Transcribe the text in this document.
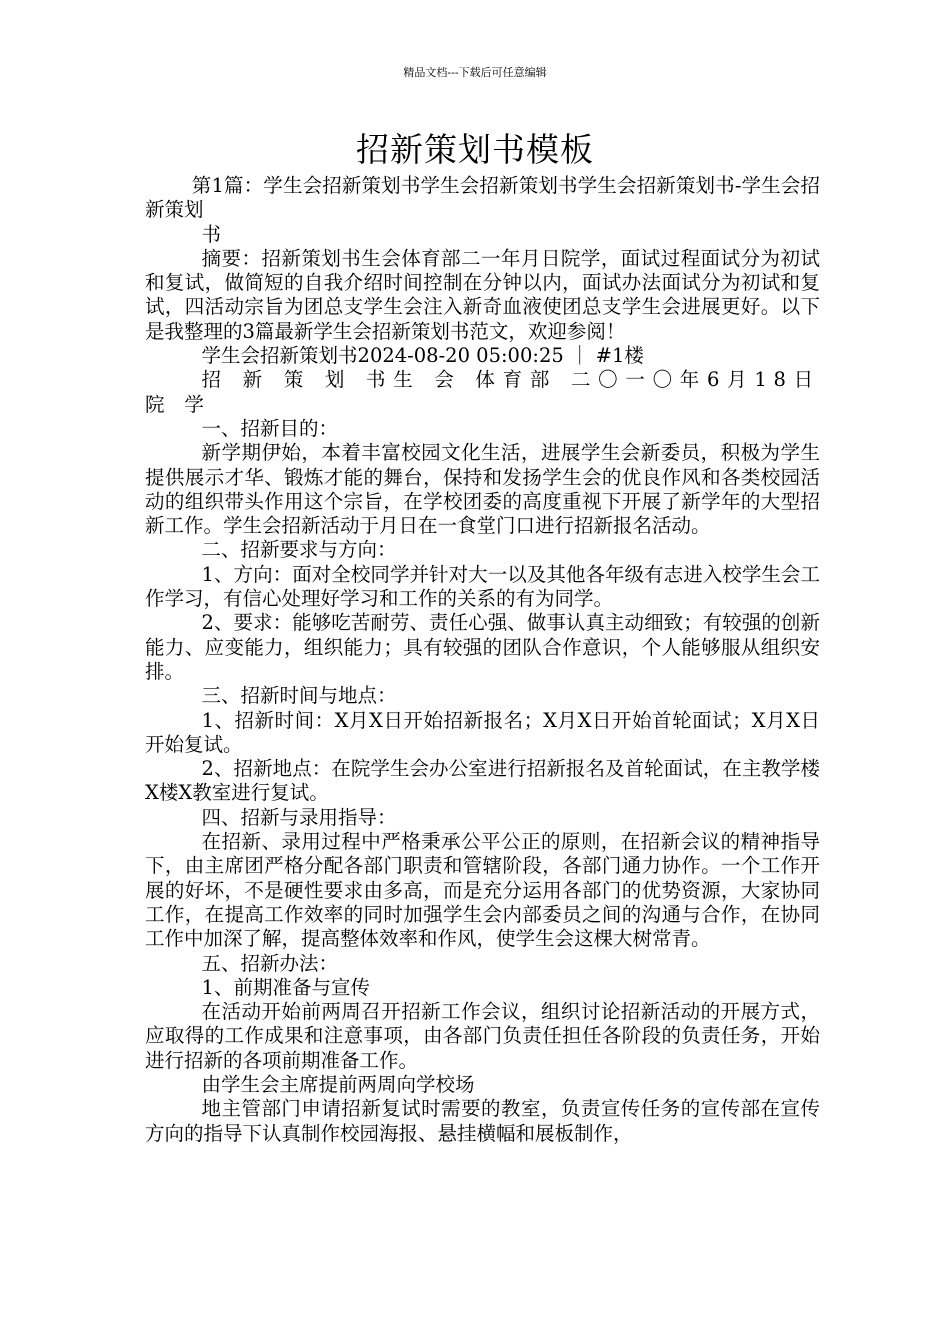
精品文档---下载后可任意编辑
招新策划书模板

第1篇：学生会招新策划书学生会招新策划书学生会招新策划书-学生会招新策划

书

摘要：招新策划书生会体育部二一年月日院学，面试过程面试分为初试和复试，做简短的自我介绍时间控制在分钟以内，面试办法面试分为初试和复试，四活动宗旨为团总支学生会注入新奇血液使团总支学生会进展更好。以下是我整理的3篇最新学生会招新策划书范文，欢迎参阅！

学生会招新策划书2024-08-20 05:00:25 ｜ #1楼

招 新 策 划 书生 会 体育部 二〇一〇年6月18日院 学

一、招新目的：

新学期伊始，本着丰富校园文化生活，进展学生会新委员，积极为学生提供展示才华、锻炼才能的舞台，保持和发扬学生会的优良作风和各类校园活动的组织带头作用这个宗旨，在学校团委的高度重视下开展了新学年的大型招新工作。学生会招新活动于月日在一食堂门口进行招新报名活动。

二、招新要求与方向：

1、方向：面对全校同学并针对大一以及其他各年级有志进入校学生会工作学习，有信心处理好学习和工作的关系的有为同学。

2、要求：能够吃苦耐劳、责任心强、做事认真主动细致；有较强的创新能力、应变能力，组织能力；具有较强的团队合作意识，个人能够服从组织安排。

三、招新时间与地点：

1、招新时间：X月X日开始招新报名；X月X日开始首轮面试；X月X日开始复试。

2、招新地点：在院学生会办公室进行招新报名及首轮面试，在主教学楼X楼X教室进行复试。

四、招新与录用指导：

在招新、录用过程中严格秉承公平公正的原则，在招新会议的精神指导下，由主席团严格分配各部门职责和管辖阶段，各部门通力协作。一个工作开展的好坏，不是硬性要求由多高，而是充分运用各部门的优势资源，大家协同工作，在提高工作效率的同时加强学生会内部委员之间的沟通与合作，在协同工作中加深了解，提高整体效率和作风，使学生会这棵大树常青。

五、招新办法：

1、前期准备与宣传

在活动开始前两周召开招新工作会议，组织讨论招新活动的开展方式，应取得的工作成果和注意事项，由各部门负责任担任各阶段的负责任务，开始进行招新的各项前期准备工作。

由学生会主席提前两周向学校场

地主管部门申请招新复试时需要的教室，负责宣传任务的宣传部在宣传方向的指导下认真制作校园海报、悬挂横幅和展板制作，
